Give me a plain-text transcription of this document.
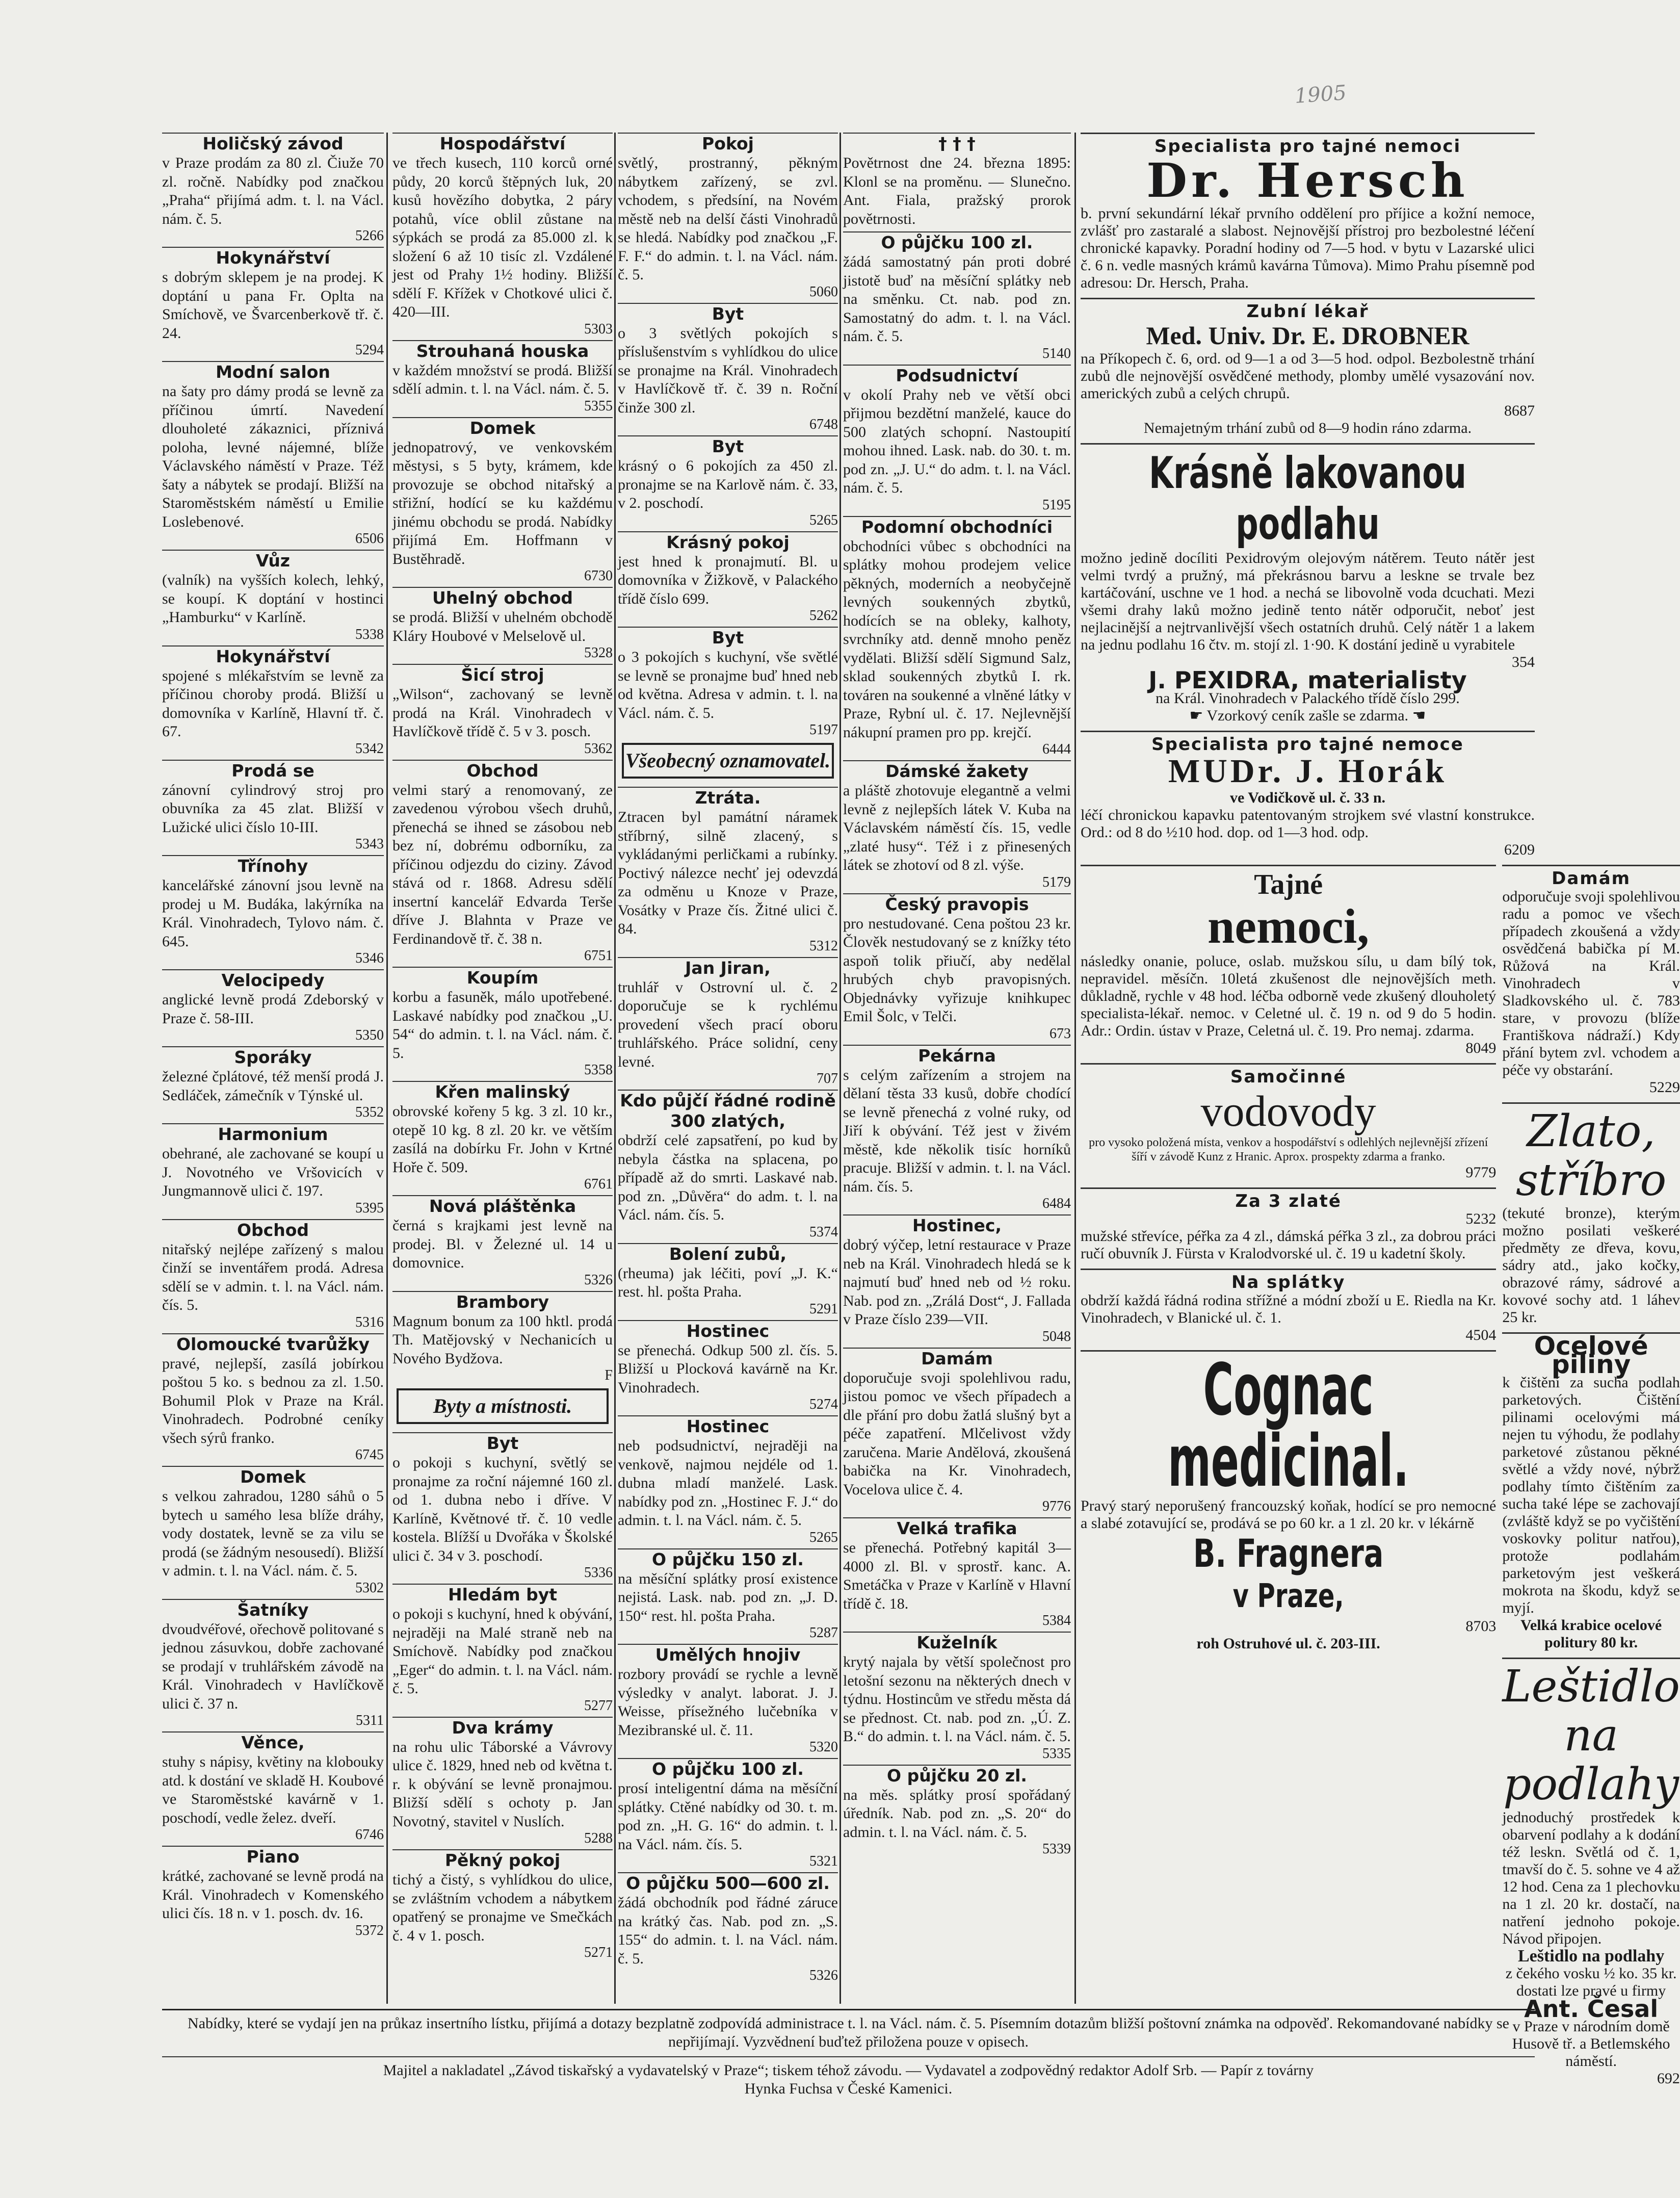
1905
Holičský závod

v Praze prodám za 80 zl. Čiuže 70 zl. ročně. Nabídky pod značkou „Praha“ přijímá adm. t. l. na Václ. nám. č. 5.

5266
Hokynářství

s dobrým sklepem je na prodej. K doptání u pana Fr. Oplta na Smíchově, ve Švarcenberkově tř. č. 24.

5294
Modní salon

na šaty pro dámy prodá se levně za příčinou úmrtí. Navedení dlouholeté zákaznici, příznivá poloha, levné nájemné, blíže Václavského náměstí v Praze. Též šaty a nábytek se prodají. Bližší na Staroměstském náměstí u Emilie Loslebenové.

6506
Vůz

(valník) na vyšších kolech, lehký, se koupí. K doptání v hostinci „Hamburku“ v Karlíně.

5338
Hokynářství

spojené s mlékařstvím se levně za příčinou choroby prodá. Bližší u domovníka v Karlíně, Hlavní tř. č. 67.

5342
Prodá se

zánovní cylindrový stroj pro obuvníka za 45 zlat. Bližší v Lužické ulici číslo 10-III.

5343
Třínohy

kancelářské zánovní jsou levně na prodej u M. Budáka, lakýrníka na Král. Vinohradech, Tylovo nám. č. 645.

5346
Velocipedy

anglické levně prodá Zdeborský v Praze č. 58-III.

5350
Sporáky

železné čplátové, též menší prodá J. Sedláček, zámečník v Týnské ul.

5352
Harmonium

obehrané, ale zachované se koupí u J. Novotného ve Vršovicích v Jungmannově ulici č. 197.

5395
Obchod

nitařský nejlépe zařízený s malou činží se inventářem prodá. Adresa sdělí se v admin. t. l. na Václ. nám. čís. 5.

5316
Olomoucké tvarůžky

pravé, nejlepší, zasílá jobírkou poštou 5 ko. s bednou za zl. 1.50. Bohumil Plok v Praze na Král. Vinohradech. Podrobné ceníky všech sýrů franko.

6745
Domek

s velkou zahradou, 1280 sáhů o 5 bytech u samého lesa blíže dráhy, vody dostatek, levně se za vilu se prodá (se žádným nesousedí). Bližší v admin. t. l. na Václ. nám. č. 5.

5302
Šatníky

dvoudvéřové, ořechově politované s jednou zásuvkou, dobře zachované se prodají v truhlářském závodě na Král. Vinohradech v Havlíčkově ulici č. 37 n.

5311
Věnce,

stuhy s nápisy, květiny na klobouky atd. k dostání ve skladě H. Koubové ve Staroměstské kavárně v 1. poschodí, vedle želez. dveří.

6746
Piano

krátké, zachované se levně prodá na Král. Vinohradech v Komenského ulici čís. 18 n. v 1. posch. dv. 16.

5372
Hospodářství

ve třech kusech, 110 korců orné půdy, 20 korců štěpných luk, 20 kusů hovězího dobytka, 2 páry potahů, více oblil zůstane na sýpkách se prodá za 85.000 zl. k složení 6 až 10 tisíc zl. Vzdálené jest od Prahy 1½ hodiny. Bližší sdělí F. Křížek v Chotkové ulici č. 420—III.

5303
Strouhaná houska

v každém množství se prodá. Bližší sdělí admin. t. l. na Václ. nám. č. 5.

5355
Domek

jednopatrový, ve venkovském městysi, s 5 byty, krámem, kde provozuje se obchod nitařský a střižní, hodící se ku každému jinému obchodu se prodá. Nabídky přijímá Em. Hoffmann v Bustěhradě.

6730
Uhelný obchod

se prodá. Bližší v uhelném obchodě Kláry Houbové v Melselově ul.

5328
Šicí stroj

„Wilson“, zachovaný se levně prodá na Král. Vinohradech v Havlíčkově třídě č. 5 v 3. posch.

5362
Obchod

velmi starý a renomovaný, ze zavedenou výrobou všech druhů, přenechá se ihned se zásobou neb bez ní, dobrému odborníku, za příčinou odjezdu do ciziny. Závod stává od r. 1868. Adresu sdělí insertní kancelář Edvarda Terše dříve J. Blahnta v Praze ve Ferdinandově tř. č. 38 n.

6751
Koupím

korbu a fasuněk, málo upotřebené. Laskavé nabídky pod značkou „U. 54“ do admin. t. l. na Václ. nám. č. 5.

5358
Křen malinský

obrovské kořeny 5 kg. 3 zl. 10 kr., otepě 10 kg. 8 zl. 20 kr. ve větším zasílá na dobírku Fr. John v Krtné Hoře č. 509.

6761
Nová pláštěnka

černá s krajkami jest levně na prodej. Bl. v Železné ul. 14 u domovnice.

5326
Brambory

Magnum bonum za 100 hktl. prodá Th. Matějovský v Nechanicích u Nového Bydžova.

F
Byty a místnosti.
Byt

o pokoji s kuchyní, světlý se pronajme za roční nájemné 160 zl. od 1. dubna nebo i dříve. V Karlíně, Květnové tř. č. 10 vedle kostela. Blížší u Dvořáka v Školské ulici č. 34 v 3. poschodí.

5336
Hledám byt

o pokoji s kuchyní, hned k obývání, nejraději na Malé straně neb na Smíchově. Nabídky pod značkou „Eger“ do admin. t. l. na Václ. nám. č. 5.

5277
Dva krámy

na rohu ulic Táborské a Vávrovy ulice č. 1829, hned neb od května t. r. k obývání se levně pronajmou. Bližší sdělí s ochoty p. Jan Novotný, stavitel v Nuslích.

5288
Pěkný pokoj

tichý a čistý, s vyhlídkou do ulice, se zvláštním vchodem a nábytkem opatřený se pronajme ve Smečkách č. 4 v 1. posch.

5271
Pokoj

světlý, prostranný, pěkným nábytkem zařízený, se zvl. vchodem, s předsíní, na Novém městě neb na delší části Vinohradů se hledá. Nabídky pod značkou „F. F. F.“ do admin. t. l. na Václ. nám. č. 5.

5060
Byt

o 3 světlých pokojích s příslušenstvím s vyhlídkou do ulice se pronajme na Král. Vinohradech v Havlíčkově tř. č. 39 n. Roční činže 300 zl.

6748
Byt

krásný o 6 pokojích za 450 zl. pronajme se na Karlově nám. č. 33, v 2. poschodí.

5265
Krásný pokoj

jest hned k pronajmutí. Bl. u domovníka v Žižkově, v Palackého třídě číslo 699.

5262
Byt

o 3 pokojích s kuchyní, vše světlé se levně se pronajme buď hned neb od května. Adresa v admin. t. l. na Václ. nám. č. 5.

5197
Všeobecný oznamovatel.
Ztráta.

Ztracen byl památní náramek stříbrný, silně zlacený, s vykládanými perličkami a rubínky. Poctivý nálezce nechť jej odevzdá za odměnu u Knoze v Praze, Vosátky v Praze čís. Žitné ulici č. 84.

5312
Jan Jiran,

truhlář v Ostrovní ul. č. 2 doporučuje se k rychlému provedení všech prací oboru truhlářského. Práce solidní, ceny levné.

707
Kdo půjčí řádné rodině 300 zlatých,

obdrží celé zapsatření, po kud by nebyla částka na splacena, po případě až do smrti. Laskavé nab. pod zn. „Důvěra“ do adm. t. l. na Václ. nám. čís. 5.

5374
Bolení zubů,

(rheuma) jak léčiti, poví „J. K.“ rest. hl. pošta Praha.

5291
Hostinec

se přenechá. Odkup 500 zl. čís. 5. Bližší u Plocková kavárně na Kr. Vinohradech.

5274
Hostinec

neb podsudnictví, nejraději na venkově, najmou nejdéle od 1. dubna mladí manželé. Lask. nabídky pod zn. „Hostinec F. J.“ do admin. t. l. na Václ. nám. č. 5.

5265
O půjčku 150 zl.

na měsíční splátky prosí existence nejistá. Lask. nab. pod zn. „J. D. 150“ rest. hl. pošta Praha.

5287
Umělých hnojiv

rozbory provádí se rychle a levně výsledky v analyt. laborat. J. J. Weisse, přísežného lučebníka v Mezibranské ul. č. 11.

5320
O půjčku 100 zl.

prosí inteligentní dáma na měsíční splátky. Ctěné nabídky od 30. t. m. pod zn. „H. G. 16“ do admin. t. l. na Václ. nám. čís. 5.

5321
O půjčku 500—600 zl.

žádá obchodník pod řádné záruce na krátký čas. Nab. pod zn. „S. 155“ do admin. t. l. na Václ. nám. č. 5.

5326
† † †

Povětrnost dne 24. března 1895: Klonl se na proměnu. — Slunečno. Ant. Fiala, pražský prorok povětrnosti.

O půjčku 100 zl.

žádá samostatný pán proti dobré jistotě buď na měsíční splátky neb na směnku. Ct. nab. pod zn. Samostatný do adm. t. l. na Václ. nám. č. 5.

5140
Podsudnictví

v okolí Prahy neb ve větší obci přijmou bezdětní manželé, kauce do 500 zlatých schopní. Nastoupití mohou ihned. Lask. nab. do 30. t. m. pod zn. „J. U.“ do adm. t. l. na Václ. nám. č. 5.

5195
Podomní obchodníci

obchodníci vůbec s obchodníci na splátky mohou prodejem velice pěkných, moderních a neobyčejně levných soukenných zbytků, hodících se na obleky, kalhoty, svrchníky atd. denně mnoho peněz vydělati. Bližší sdělí Sigmund Salz, sklad soukenných zbytků I. rk. továren na soukenné a vlněné látky v Praze, Rybní ul. č. 17. Nejlevnější nákupní pramen pro pp. krejčí.

6444
Dámské žakety

a pláště zhotovuje elegantně a velmi levně z nejlepších látek V. Kuba na Václavském náměstí čís. 15, vedle „zlaté husy“. Též i z přinesených látek se zhotoví od 8 zl. výše.

5179
Český pravopis

pro nestudované. Cena poštou 23 kr. Člověk nestudovaný se z knížky této aspoň tolik přiučí, aby nedělal hrubých chyb pravopisných. Objednávky vyřizuje knihkupec Emil Šolc, v Telči.

673
Pekárna

s celým zařízením a strojem na dělaní těsta 33 kusů, dobře chodící se levně přenechá z volné ruky, od Jiří k obývání. Též jest v živém městě, kde několik tisíc horníků pracuje. Bližší v admin. t. l. na Václ. nám. čís. 5.

6484
Hostinec,

dobrý výčep, letní restaurace v Praze neb na Král. Vinohradech hledá se k najmutí buď hned neb od ½ roku. Nab. pod zn. „Zrálá Dost“, J. Fallada v Praze číslo 239—VII.

5048
Damám

doporučuje svoji spolehlivou radu, jistou pomoc ve všech případech a dle přání pro dobu žatlá slušný byt a péče zapatření. Mlčelivost vždy zaručena. Marie Andělová, zkoušená babička na Kr. Vinohradech, Vocelova ulice č. 4.

9776
Velká trafika

se přenechá. Potřebný kapitál 3—4000 zl. Bl. v sprostř. kanc. A. Smetáčka v Praze v Karlíně v Hlavní třídě č. 18.

5384
Kuželník

krytý najala by větší společnost pro letošní sezonu na některých dnech v týdnu. Hostincům ve středu města dá se přednost. Ct. nab. pod zn. „Ú. Z. B.“ do admin. t. l. na Václ. nám. č. 5.

5335
O půjčku 20 zl.

na měs. splátky prosí spořádaný úředník. Nab. pod zn. „S. 20“ do admin. t. l. na Václ. nám. č. 5.

5339
Specialista pro tajné nemoci
Dr. Hersch

b. první sekundární lékař prvního oddělení pro příjice a kožní nemoce, zvlášť pro zastaralé a slabost. Nejnovější přístroj pro bezbolestné léčení chronické kapavky. Poradní hodiny od 7—5 hod. v bytu v Lazarské ulici č. 6 n. vedle masných krámů kavárna Tůmova). Mimo Prahu písemně pod adresou: Dr. Hersch, Praha.

Zubní lékař
Med. Univ. Dr. E. DROBNER

na Příkopech č. 6, ord. od 9—1 a od 3—5 hod. odpol. Bezbolestně trhání zubů dle nejnovější osvědčené methody, plomby umělé vysazování nov. amerických zubů a celých chrupů.

8687

Nemajetným trhání zubů od 8—9 hodin ráno zdarma.

Krásně lakovanou podlahu

možno jedině docíliti Pexidrovým olejovým nátěrem. Teuto nátěr jest velmi tvrdý a pružný, má překrásnou barvu a leskne se trvale bez kartáčování, uschne ve 1 hod. a nechá se libovolně voda dcuchati. Mezi všemi drahy laků možno jedině tento nátěr odporučit, neboť jest nejlacinější a nejtrvanlivější všech ostatních druhů. Celý nátěr 1 a lakem na jednu podlahu 16 čtv. m. stojí zl. 1·90. K dostání jedině u vyrabitele

354

J. PEXIDRA, materialisty

na Král. Vinohradech v Palackého třídě číslo 299.

☛ Vzorkový ceník zašle se zdarma. ☚

Specialista pro tajné nemoce
MUDr. J. Horák

ve Vodičkově ul. č. 33 n.

léčí chronickou kapavku patentovaným strojkem své vlastní konstrukce. Ord.: od 8 do ½10 hod. dop. od 1—3 hod. odp.

6209

Tajné
nemoci,

následky onanie, poluce, oslab. mužskou sílu, u dam bílý tok, nepravidel. měsíčn. 10letá zkušenost dle nejnovějších meth. důkladně, rychle v 48 hod. léčba odborně vede zkušený dlouholetý specialista-lékař. nemoc. v Celetné ul. č. 19 n. od 9 do 5 hodin. Adr.: Ordin. ústav v Praze, Celetná ul. č. 19. Pro nemaj. zdarma.

8049

Samočinné
vodovody

pro vysoko položená místa, venkov a hospodářství s odlehlých nejlevnější zřízení šíří v závodě Kunz z Hranic. Aprox. prospekty zdarma a franko.

9779

Za 3 zlaté

5232

mužské střevíce, péřka za 4 zl., dámská péřka 3 zl., za dobrou práci ručí obuvník J. Fürsta v Kralodvorské ul. č. 19 u kadetní školy.

Na splátky

obdrží každá řádná rodina střížné a módní zboží u E. Riedla na Kr. Vinohradech, v Blanické ul. č. 1.

4504

Cognac medicinal.

Pravý starý neporušený francouzský koňak, hodící se pro nemocné a slabé zotavující se, prodává se po 60 kr. a 1 zl. 20 kr. v lékárně

B. Fragnera
v Praze,

8703

roh Ostruhové ul. č. 203-III.

Damám

odporučuje svoji spolehlivou radu a pomoc ve všech případech zkoušená a vždy osvědčená babička pí M. Růžová na Král. Vinohradech v Sladkovského ul. č. 783 stare, v provozu (blíže Františkova nádraží.) Kdy přání bytem zvl. vchodem a péče vy obstarání.

5229

Zlato, stříbro

(tekuté bronze), kterým možno posilati veškeré předměty ze dřeva, kovu, sádry atd., jako kočky, obrazové rámy, sádrové a kovové sochy atd. 1 láhev 25 kr.

Ocelové piliny

k čištění za sucha podlah parketových. Čištění pilinami ocelovými má nejen tu výhodu, že podlahy parketové zůstanou pěkné světlé a vždy nové, nýbrž podlahy tímto čištěním za sucha také lépe se zachovají (zvláště když se po vyčištění voskovky politur natřou), protože podlahám parketovým jest veškerá mokrota na škodu, když se myjí.

Velká krabice ocelové politury 80 kr.

Leštidlo na podlahy

jednoduchý prostředek k obarvení podlahy a k dodání též leskn. Světlá od č. 1, tmavší do č. 5. sohne ve 4 až 12 hod. Cena za 1 plechovku na 1 zl. 20 kr. dostačí, na natření jednoho pokoje. Návod připojen.

Leštidlo na podlahy

z čekého vosku ½ ko. 35 kr. dostati lze pravé u firmy

Ant. Česal

v Praze v národním domě Husově tř. a Betlemského náměstí.

692

Nabídky, které se vydají jen na průkaz insertního lístku, přijímá a dotazy bezplatně zodpovídá administrace t. l. na Václ. nám. č. 5. Písemním dotazům bližší poštovní známka na odpověď. Rekomandované nabídky se nepřijímají. Vyzvědnení buďtež přiložena pouze v opisech.
Majitel a nakladatel „Závod tiskařský a vydavatelský v Praze“; tiskem téhož závodu. — Vydavatel a zodpovědný redaktor Adolf Srb. — Papír z továrny
Hynka Fuchsa v České Kamenici.
